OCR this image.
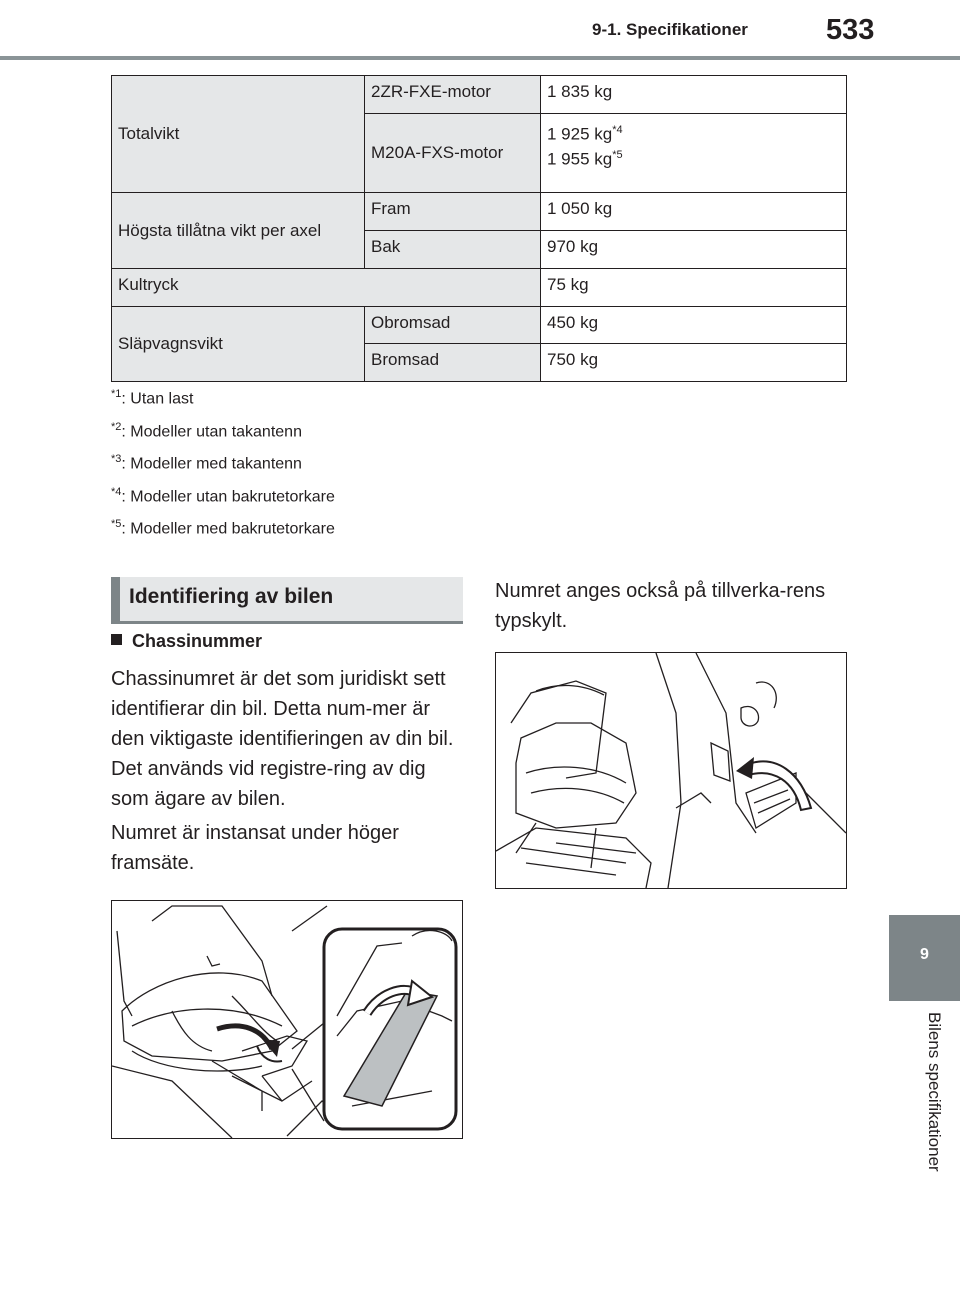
9-1. Specifikationer	533
9
Bilens specifikationer
Totalvikt	2ZR-FXE-motor	1 835 kg
	M20A-FXS-motor	1 925 $kg^{*4}$
1 955 $kg^{*5}$

Högsta tillåtna vikt per axel	Fram	1 050 kg
	Bak	970 kg
Kultryck		75 kg
Släpvagnsvikt	Obromsad	450 kg
	Bromsad	750 kg
$^{*1}$: Utan last
$^{*2}$: Modeller utan takantenn
$^{*3}$: Modeller med takantenn
$^{*4}$: Modeller utan bakrutetorkare
$^{*5}$: Modeller med bakrutetorkare
Identifiering av bilen
Chassinummer
Chassinumret är det som juridiskt sett identifierar din bil. Detta num-mer är den viktigaste identifieringen av din bil. Det används vid registre-ring av dig som ägare av bilen.
Numret är instansat under höger framsäte.
Numret anges också på tillverka-rens typskylt.
